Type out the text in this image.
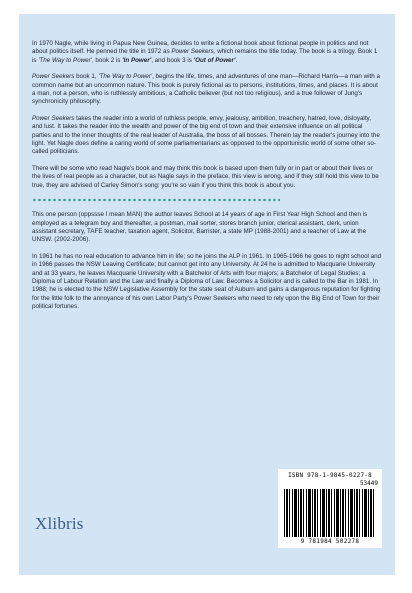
In 1970 Nagle, while living in Papua New Guinea, decides to write a fictional book about fictional people in politics and not about politics itself. He penned the title in 1972 as Power Seekers, which remains the title today. The book is a trilogy. Book 1 is 'The Way to Power', book 2 is 'In Power', and book 3 is 'Out of Power'.

Power Seekers book 1, 'The Way to Power', begins the life, times, and adventures of one man—Richard Harris—a man with a common name but an uncommon nature. This book is purely fictional as to persons, institutions, times, and places. It is about a man, not a person, who is ruthlessly ambitious, a Catholic believer (but not too religious), and a true follower of Jung's synchronicity philosophy.

Power Seekers takes the reader into a world of ruthless people, envy, jealousy, ambition, treachery, hatred, love, disloyalty, and lust. It takes the reader into the wealth and power of the big end of town and their extensive influence on all political parties and to the inner thoughts of the real leader of Australia, the boss of all bosses. Therein lay the reader's journey into the light. Yet Nagle does define a caring world of some parliamentarians as opposed to the opportunistic world of some other so-called politicians.

There will be some who read Nagle's book and may think this book is based upon them fully or in part or about their lives or the lives of real people as a character, but as Nagle says in the preface, this view is wrong, and if they still hold this view to be true, they are advised of Carley Simon's song: you're so vain if you think this book is about you.

This one person (oppssse I mean MAN) the author leaves School at 14 years of age in First Year High School and then is employed as a telegram boy and thereafter, a postman, mail sorter, stores branch junior, clerical assistant, clerk, union assistant secretary, TAFE teacher, taxation agent, Solicitor, Barrister, a state MP (1988-2001) and a teacher of Law at the UNSW. (2002-2006).

In 1961 he has no real education to advance him in life; so he joins the ALP in 1961. In 1965-1966 he goes to night school and in 1966 passes the NSW Leaving Certificate; but cannot get into any University. At 24 he is admitted to Macquarie University and at 33 years, he leaves Macquarie University with a Batchelor of Arts with four majors; a Batchelor of Legal Studies; a Diploma of Labour Relation and the Law and finally a Diploma of Law. Becomes a Solicitor and is called to the Bar in 1981. In 1988; he is elected to the NSW Legislative Assembly for the state seat of Auburn and gains a dangerous reputation for fighting for the little folk to the annoyance of his own Labor Party's Power Seekers who need to rely upon the Big End of Town for their political fortunes.

Xlibris
ISBN 978-1-9845-0227-8
53449
9 781984 502278
